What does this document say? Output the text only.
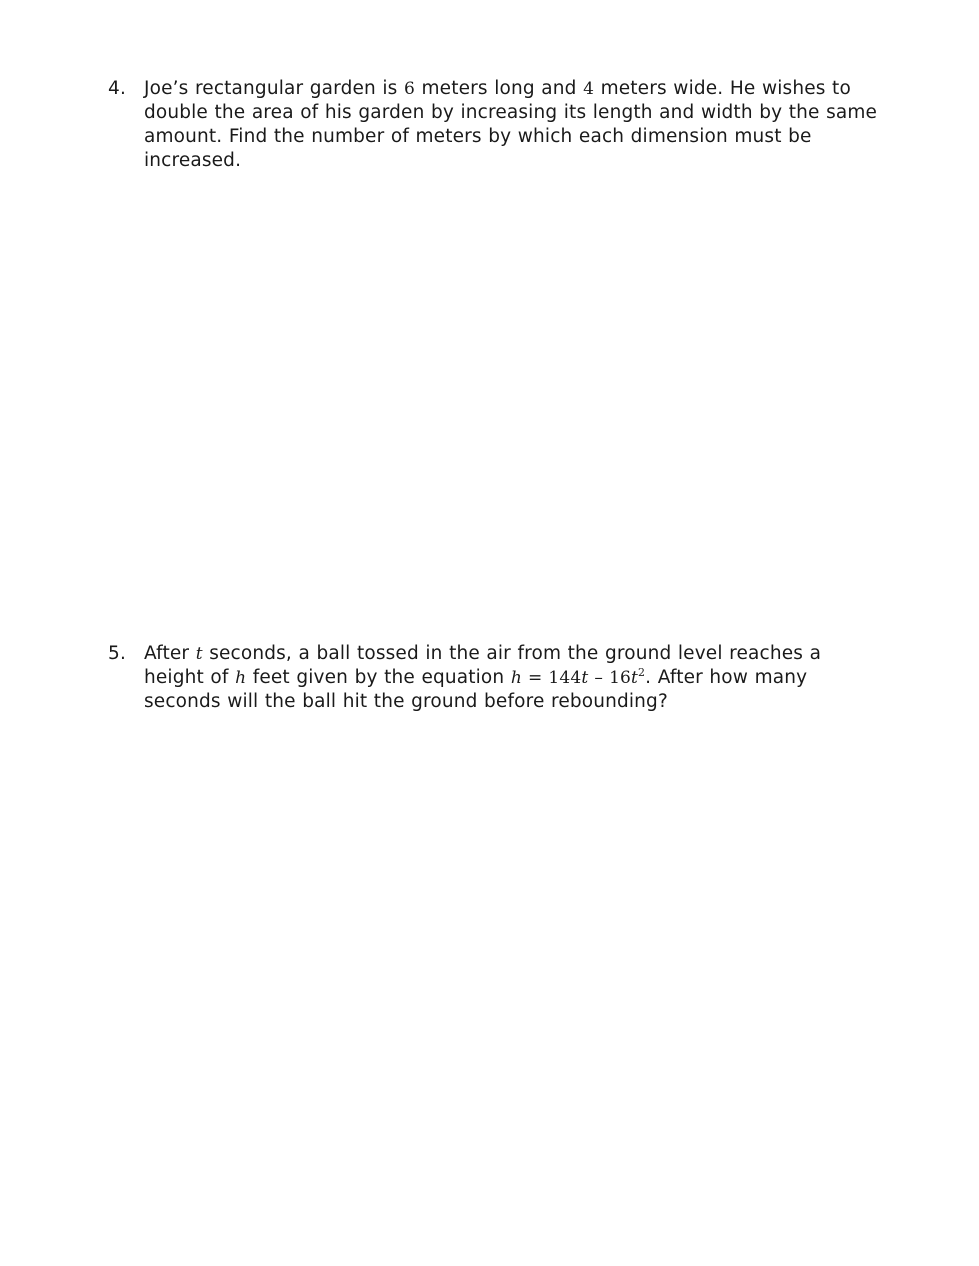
4. Joe’s rectangular garden is 6 meters long and 4 meters wide. He wishes to double the area of his garden by increasing its length and width by the same amount. Find the number of meters by which each dimension must be increased.
5. After t seconds, a ball tossed in the air from the ground level reaches a height of h feet given by the equation $h = 144t - 16t^2$. After how many seconds will the ball hit the ground before rebounding?
